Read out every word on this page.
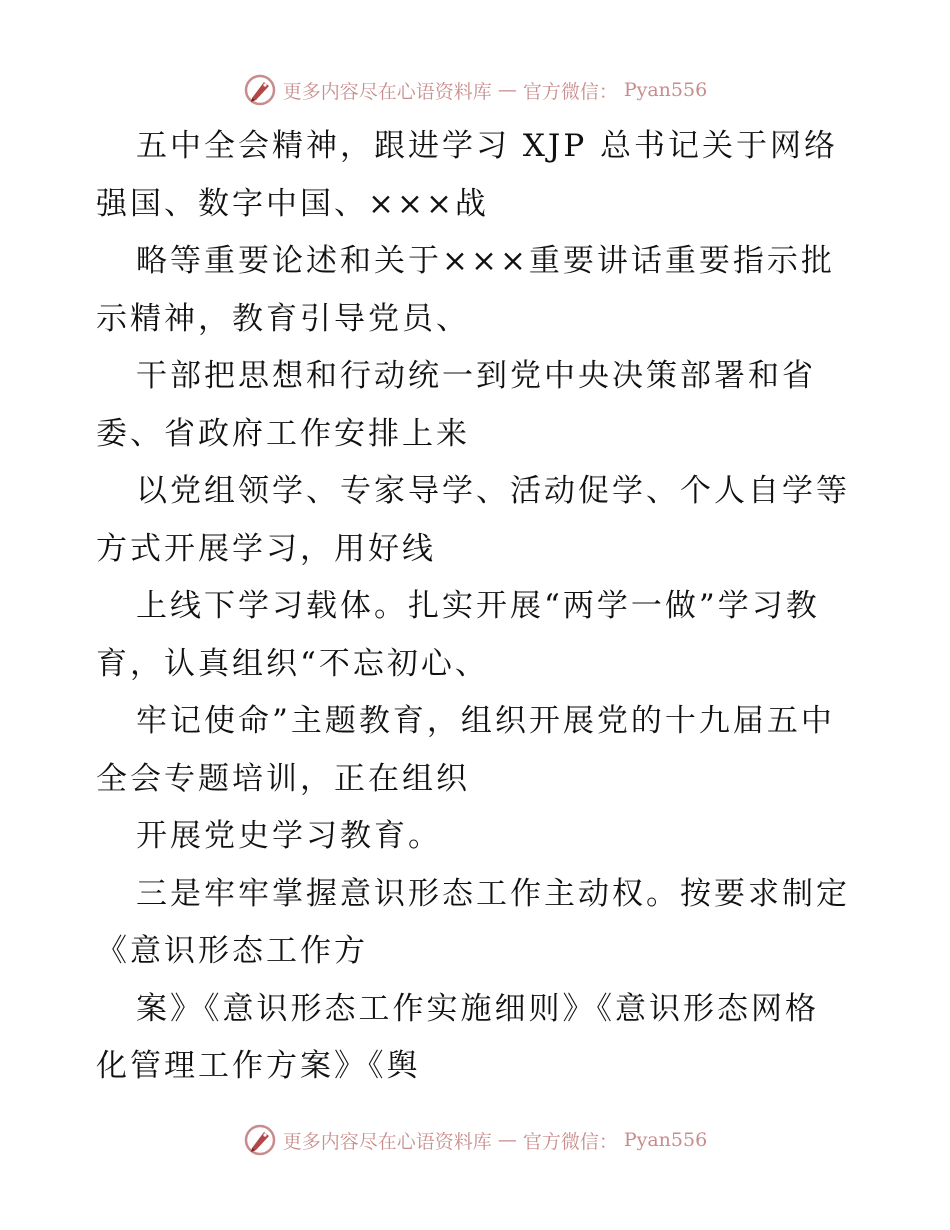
更多内容尽在心语资料库 — 官方微信： Pyan556
五中全会精神，跟进学习 XJP 总书记关于网络
强国、数字中国、×××战
略等重要论述和关于×××重要讲话重要指示批
示精神，教育引导党员、
干部把思想和行动统一到党中央决策部署和省
委、省政府工作安排上来
以党组领学、专家导学、活动促学、个人自学等
方式开展学习，用好线
上线下学习载体。扎实开展“两学一做”学习教
育，认真组织“不忘初心、
牢记使命”主题教育，组织开展党的十九届五中
全会专题培训，正在组织
开展党史学习教育。
三是牢牢掌握意识形态工作主动权。按要求制定
《意识形态工作方
案》《意识形态工作实施细则》《意识形态网格
化管理工作方案》《舆
更多内容尽在心语资料库 — 官方微信： Pyan556
